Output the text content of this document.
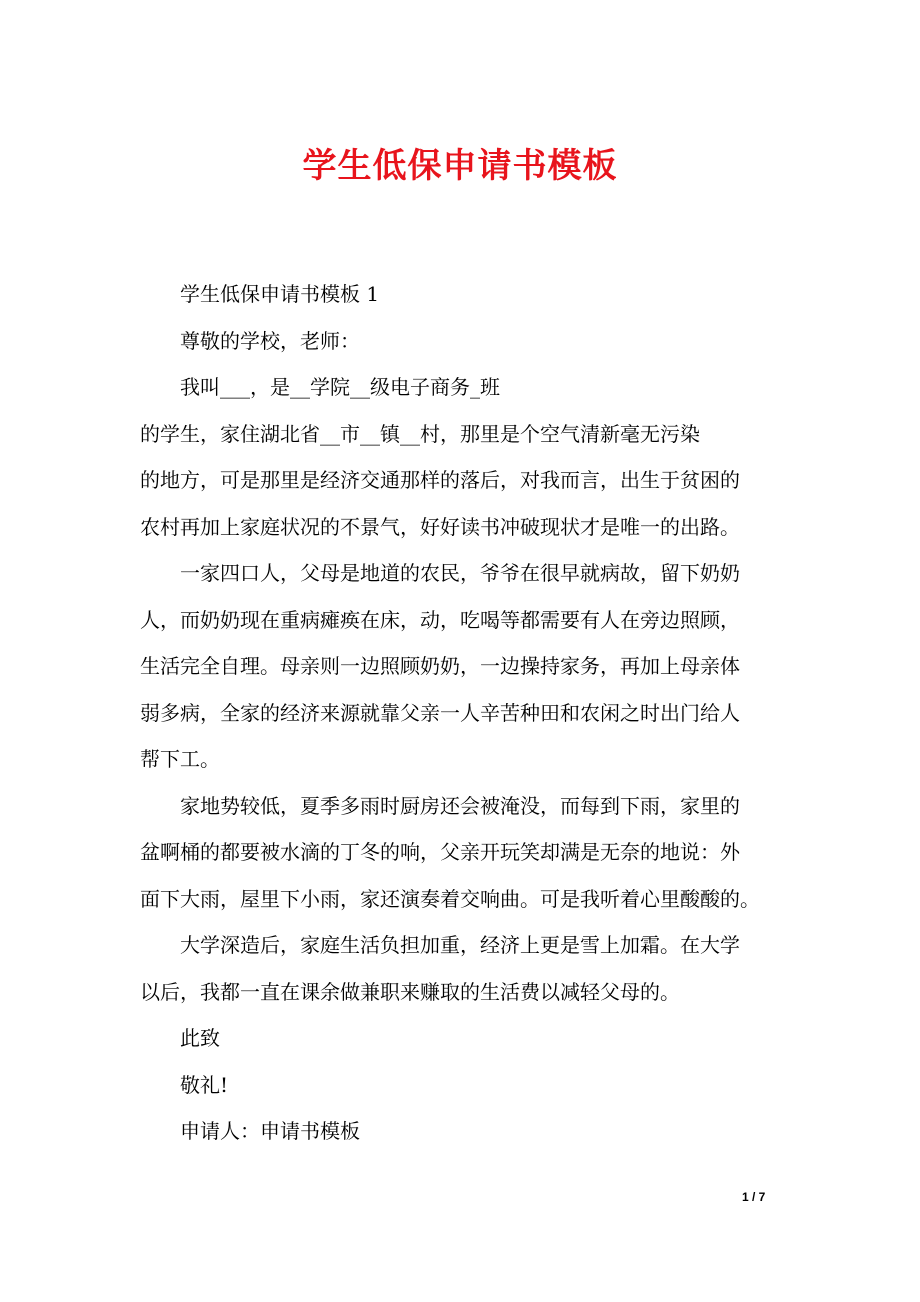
学生低保申请书模板

学生低保申请书模板 1

尊敬的学校，老师：

我叫___，是__学院__级电子商务_班

的学生，家住湖北省__市__镇__村，那里是个空气清新毫无污染
的地方，可是那里是经济交通那样的落后，对我而言，出生于贫困的
农村再加上家庭状况的不景气，好好读书冲破现状才是唯一的出路。

一家四口人，父母是地道的农民，爷爷在很早就病故，留下奶奶
人，而奶奶现在重病瘫痪在床，动，吃喝等都需要有人在旁边照顾，
生活完全自理。母亲则一边照顾奶奶，一边操持家务，再加上母亲体
弱多病，全家的经济来源就靠父亲一人辛苦种田和农闲之时出门给人
帮下工。

家地势较低，夏季多雨时厨房还会被淹没，而每到下雨，家里的
盆啊桶的都要被水滴的丁冬的响，父亲开玩笑却满是无奈的地说：外
面下大雨，屋里下小雨，家还演奏着交响曲。可是我听着心里酸酸的。

大学深造后，家庭生活负担加重，经济上更是雪上加霜。在大学
以后，我都一直在课余做兼职来赚取的生活费以减轻父母的。

此致

敬礼!

申请人：申请书模板

1 / 7
